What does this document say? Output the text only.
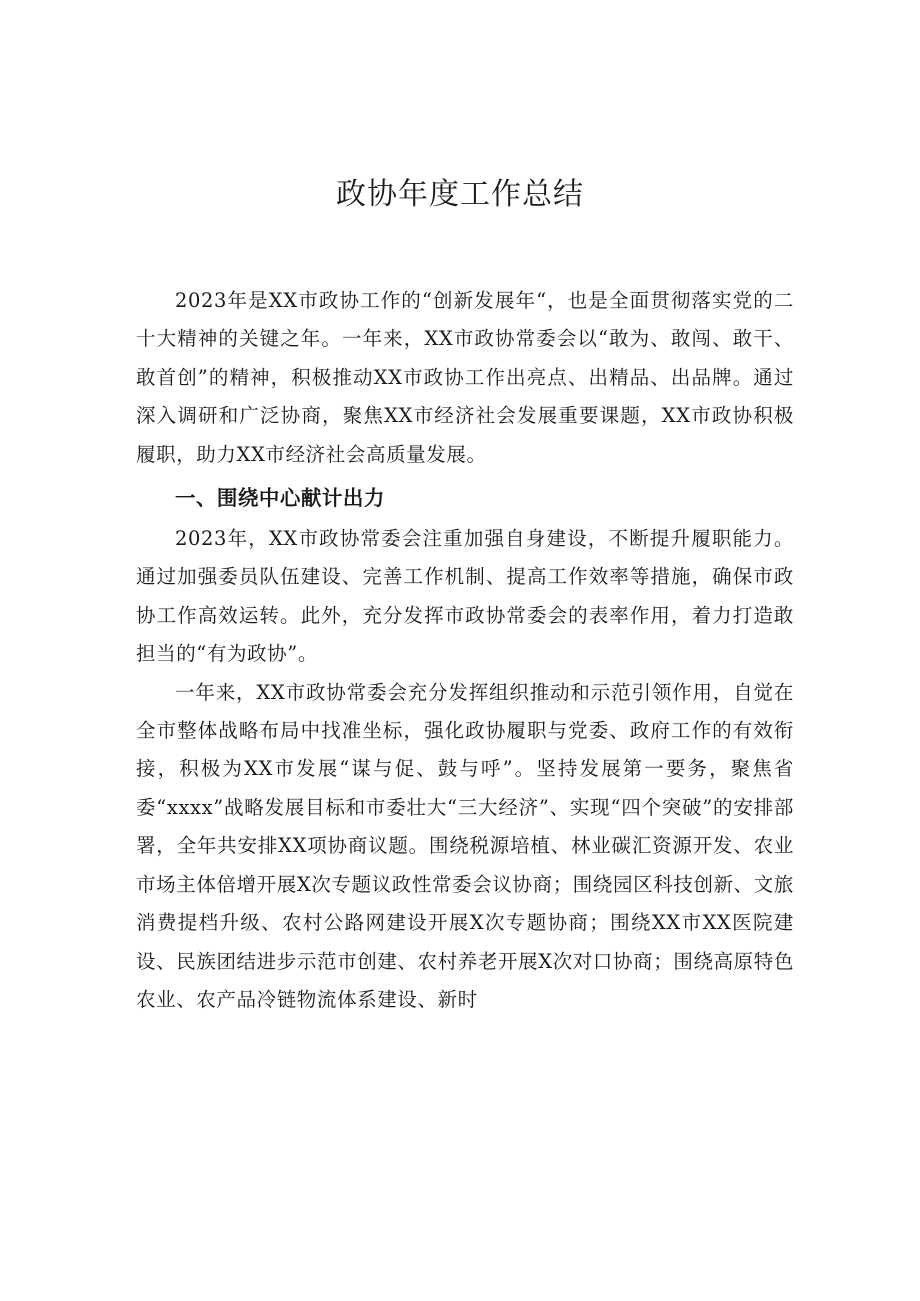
政协年度工作总结

2023年是XX市政协工作的“创新发展年“，也是全面贯彻落实党的二十大精神的关键之年。一年来，XX市政协常委会以“敢为、敢闯、敢干、敢首创”的精神，积极推动XX市政协工作出亮点、出精品、出品牌。通过深入调研和广泛协商，聚焦XX市经济社会发展重要课题，XX市政协积极履职，助力XX市经济社会高质量发展。

一、围绕中心献计出力

2023年，XX市政协常委会注重加强自身建设，不断提升履职能力。通过加强委员队伍建设、完善工作机制、提高工作效率等措施，确保市政协工作高效运转。此外，充分发挥市政协常委会的表率作用，着力打造敢担当的“有为政协”。

一年来，XX市政协常委会充分发挥组织推动和示范引领作用，自觉在全市整体战略布局中找准坐标，强化政协履职与党委、政府工作的有效衔接，积极为XX市发展“谋与促、鼓与呼”。坚持发展第一要务，聚焦省委“xxxx”战略发展目标和市委壮大“三大经济”、实现“四个突破”的安排部署，全年共安排XX项协商议题。围绕税源培植、林业碳汇资源开发、农业市场主体倍增开展X次专题议政性常委会议协商；围绕园区科技创新、文旅消费提档升级、农村公路网建设开展X次专题协商；围绕XX市XX医院建设、民族团结进步示范市创建、农村养老开展X次对口协商；围绕高原特色农业、农产品冷链物流体系建设、新时
